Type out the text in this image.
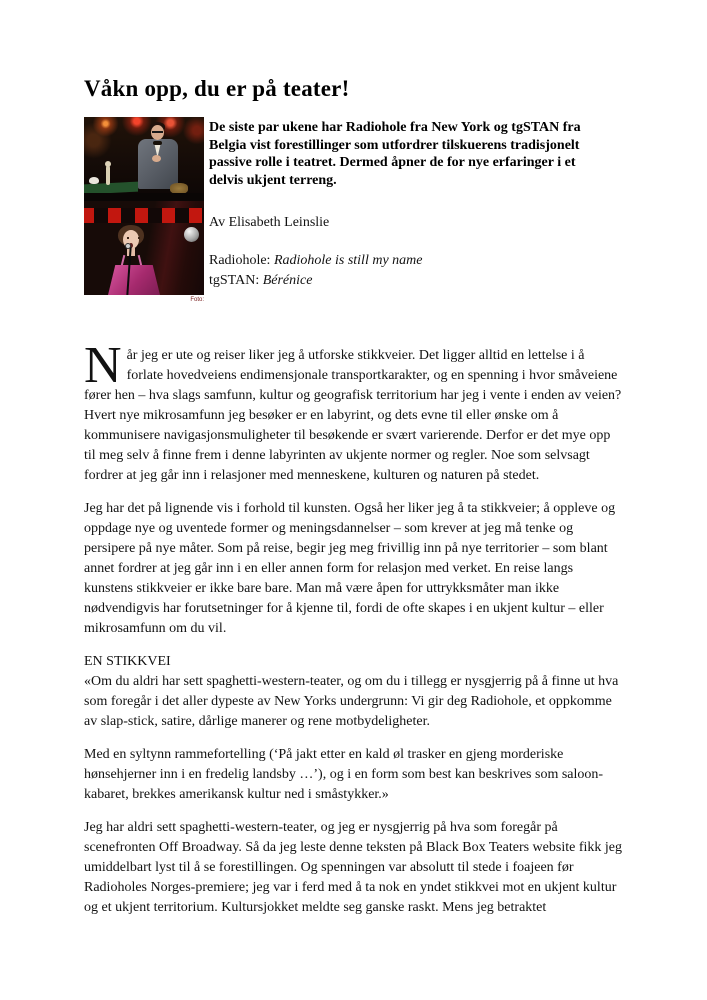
Våkn opp, du er på teater!
Foto:

De siste par ukene har Radiohole fra New York og tgSTAN fra Belgia vist forestillinger som utfordrer tilskuerens tradisjonelt passive rolle i teatret. Dermed åpner de for nye erfaringer i et delvis ukjent terreng.

Av Elisabeth Leinslie

Radiohole: Radiohole is still my name
tgSTAN: Bérénice

Når jeg er ute og reiser liker jeg å utforske stikkveier. Det ligger alltid en lettelse i å forlate hovedveiens endimensjonale transportkarakter, og en spenning i hvor småveiene fører hen – hva slags samfunn, kultur og geografisk territorium har jeg i vente i enden av veien? Hvert nye mikrosamfunn jeg besøker er en labyrint, og dets evne til eller ønske om å kommunisere navigasjonsmuligheter til besøkende er svært varierende. Derfor er det mye opp til meg selv å finne frem i denne labyrinten av ukjente normer og regler. Noe som selvsagt fordrer at jeg går inn i relasjoner med menneskene, kulturen og naturen på stedet.

Jeg har det på lignende vis i forhold til kunsten. Også her liker jeg å ta stikkveier; å oppleve og oppdage nye og uventede former og meningsdannelser – som krever at jeg må tenke og persipere på nye måter. Som på reise, begir jeg meg frivillig inn på nye territorier – som blant annet fordrer at jeg går inn i en eller annen form for relasjon med verket. En reise langs kunstens stikkveier er ikke bare bare. Man må være åpen for uttrykksmåter man ikke nødvendigvis har forutsetninger for å kjenne til, fordi de ofte skapes i en ukjent kultur – eller mikrosamfunn om du vil.

EN STIKKVEI

«Om du aldri har sett spaghetti-western-teater, og om du i tillegg er nysgjerrig på å finne ut hva som foregår i det aller dypeste av New Yorks undergrunn: Vi gir deg Radiohole, et oppkomme av slap-stick, satire, dårlige manerer og rene motbydeligheter.

Med en syltynn rammefortelling (‘På jakt etter en kald øl trasker en gjeng morderiske hønsehjerner inn i en fredelig landsby …’), og i en form som best kan beskrives som saloon-kabaret, brekkes amerikansk kultur ned i småstykker.»

Jeg har aldri sett spaghetti-western-teater, og jeg er nysgjerrig på hva som foregår på scenefronten Off Broadway. Så da jeg leste denne teksten på Black Box Teaters website fikk jeg umiddelbart lyst til å se forestillingen. Og spenningen var absolutt til stede i foajeen før Radioholes Norges-premiere; jeg var i ferd med å ta nok en yndet stikkvei mot en ukjent kultur og et ukjent territorium. Kultursjokket meldte seg ganske raskt. Mens jeg betraktet
